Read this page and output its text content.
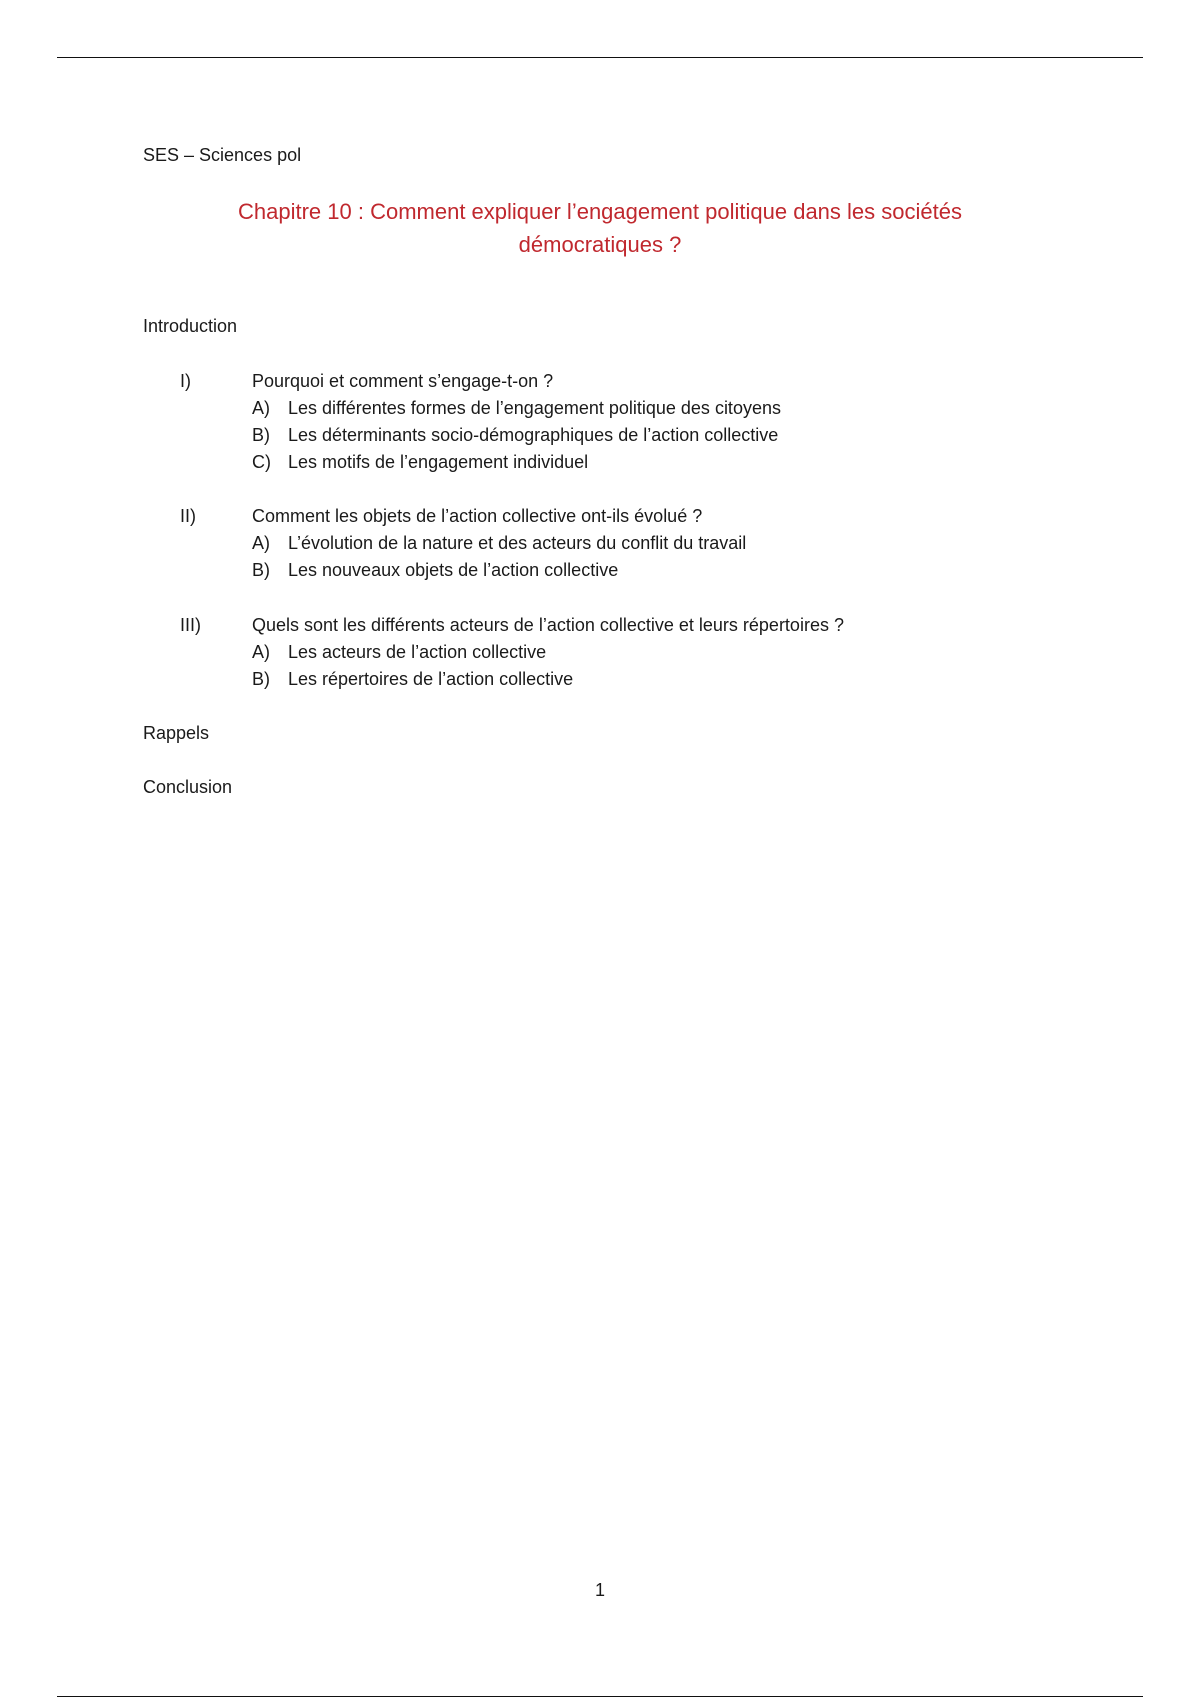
SES – Sciences pol
Chapitre 10 : Comment expliquer l’engagement politique dans les sociétés
démocratiques ?
Introduction
I)	Pourquoi et comment s’engage-t-on ?
A)	Les différentes formes de l’engagement politique des citoyens
B)	Les déterminants socio-démographiques de l’action collective
C) Les motifs de l’engagement individuel
II)	Comment les objets de l’action collective ont-ils évolué ?
A)	L’évolution de la nature et des acteurs du conflit du travail
B)	Les nouveaux objets de l’action collective
III)	Quels sont les différents acteurs de l’action collective et leurs répertoires ?
A)	Les acteurs de l’action collective
B)	Les répertoires de l’action collective
Rappels
Conclusion
1
